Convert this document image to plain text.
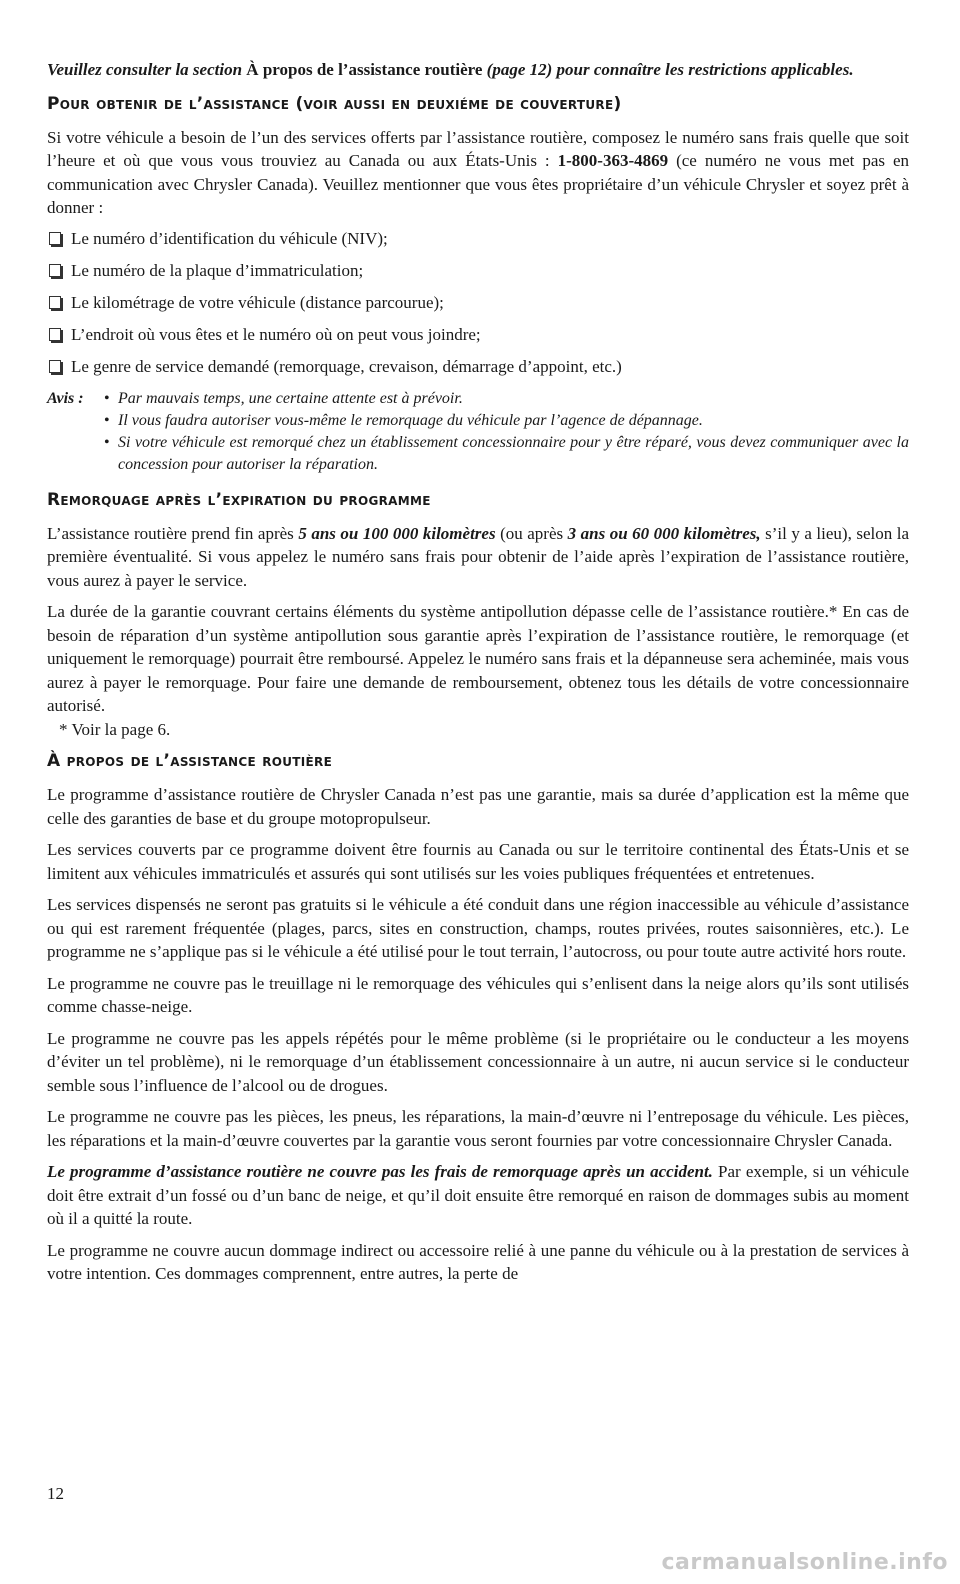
Veuillez consulter la section À propos de l’assistance routière (page 12) pour connaître les restrictions applicables.

Pour obtenir de l’assistance (voir aussi en deuxiéme de couverture)

Si votre véhicule a besoin de l’un des services offerts par l’assistance routière, composez le numéro sans frais quelle que soit l’heure et où que vous vous trouviez au Canada ou aux États-Unis : 1-800-363-4869 (ce numéro ne vous met pas en communication avec Chrysler Canada). Veuillez mentionner que vous êtes propriétaire d’un véhicule Chrysler et soyez prêt à donner :

Le numéro d’identification du véhicule (NIV);
Le numéro de la plaque d’immatriculation;
Le kilométrage de votre véhicule (distance parcourue);
L’endroit où vous êtes et le numéro où on peut vous joindre;
Le genre de service demandé (remorquage, crevaison, démarrage d’appoint, etc.)
Avis :	• Par mauvais temps, une certaine attente est à prévoir.
• Il vous faudra autoriser vous-même le remorquage du véhicule par l’agence de dépannage.
• Si votre véhicule est remorqué chez un établissement concessionnaire pour y être réparé, vous devez communiquer avec la concession pour autoriser la réparation.
Remorquage après l’expiration du programme

L’assistance routière prend fin après 5 ans ou 100 000 kilomètres (ou après 3 ans ou 60 000 kilomètres, s’il y a lieu), selon la première éventualité. Si vous appelez le numéro sans frais pour obtenir de l’aide après l’expiration de l’assistance routière, vous aurez à payer le service.

La durée de la garantie couvrant certains éléments du système antipollution dépasse celle de l’assistance routière.* En cas de besoin de réparation d’un système antipollution sous garantie après l’expiration de l’assistance routière, le remorquage (et uniquement le remorquage) pourrait être remboursé. Appelez le numéro sans frais et la dépanneuse sera acheminée, mais vous aurez à payer le remorquage. Pour faire une demande de remboursement, obtenez tous les détails de votre concessionnaire autorisé.

* Voir la page 6.

À propos de l’assistance routière

Le programme d’assistance routière de Chrysler Canada n’est pas une garantie, mais sa durée d’application est la même que celle des garanties de base et du groupe motopropulseur.

Les services couverts par ce programme doivent être fournis au Canada ou sur le territoire continental des États-Unis et se limitent aux véhicules immatriculés et assurés qui sont utilisés sur les voies publiques fréquentées et entretenues.

Les services dispensés ne seront pas gratuits si le véhicule a été conduit dans une région inaccessible au véhicule d’assistance ou qui est rarement fréquentée (plages, parcs, sites en construction, champs, routes privées, routes saisonnières, etc.). Le programme ne s’applique pas si le véhicule a été utilisé pour le tout terrain, l’autocross, ou pour toute autre activité hors route.

Le programme ne couvre pas le treuillage ni le remorquage des véhicules qui s’enlisent dans la neige alors qu’ils sont utilisés comme chasse-neige.

Le programme ne couvre pas les appels répétés pour le même problème (si le propriétaire ou le conducteur a les moyens d’éviter un tel problème), ni le remorquage d’un établissement concessionnaire à un autre, ni aucun service si le conducteur semble sous l’influence de l’alcool ou de drogues.

Le programme ne couvre pas les pièces, les pneus, les réparations, la main-d’œuvre ni l’entreposage du véhicule. Les pièces, les réparations et la main-d’œuvre couvertes par la garantie vous seront fournies par votre concessionnaire Chrysler Canada.

Le programme d’assistance routière ne couvre pas les frais de remorquage après un accident. Par exemple, si un véhicule doit être extrait d’un fossé ou d’un banc de neige, et qu’il doit ensuite être remorqué en raison de dommages subis au moment où il a quitté la route.

Le programme ne couvre aucun dommage indirect ou accessoire relié à une panne du véhicule ou à la prestation de services à votre intention. Ces dommages comprennent, entre autres, la perte de

12
carmanualsonline.info
